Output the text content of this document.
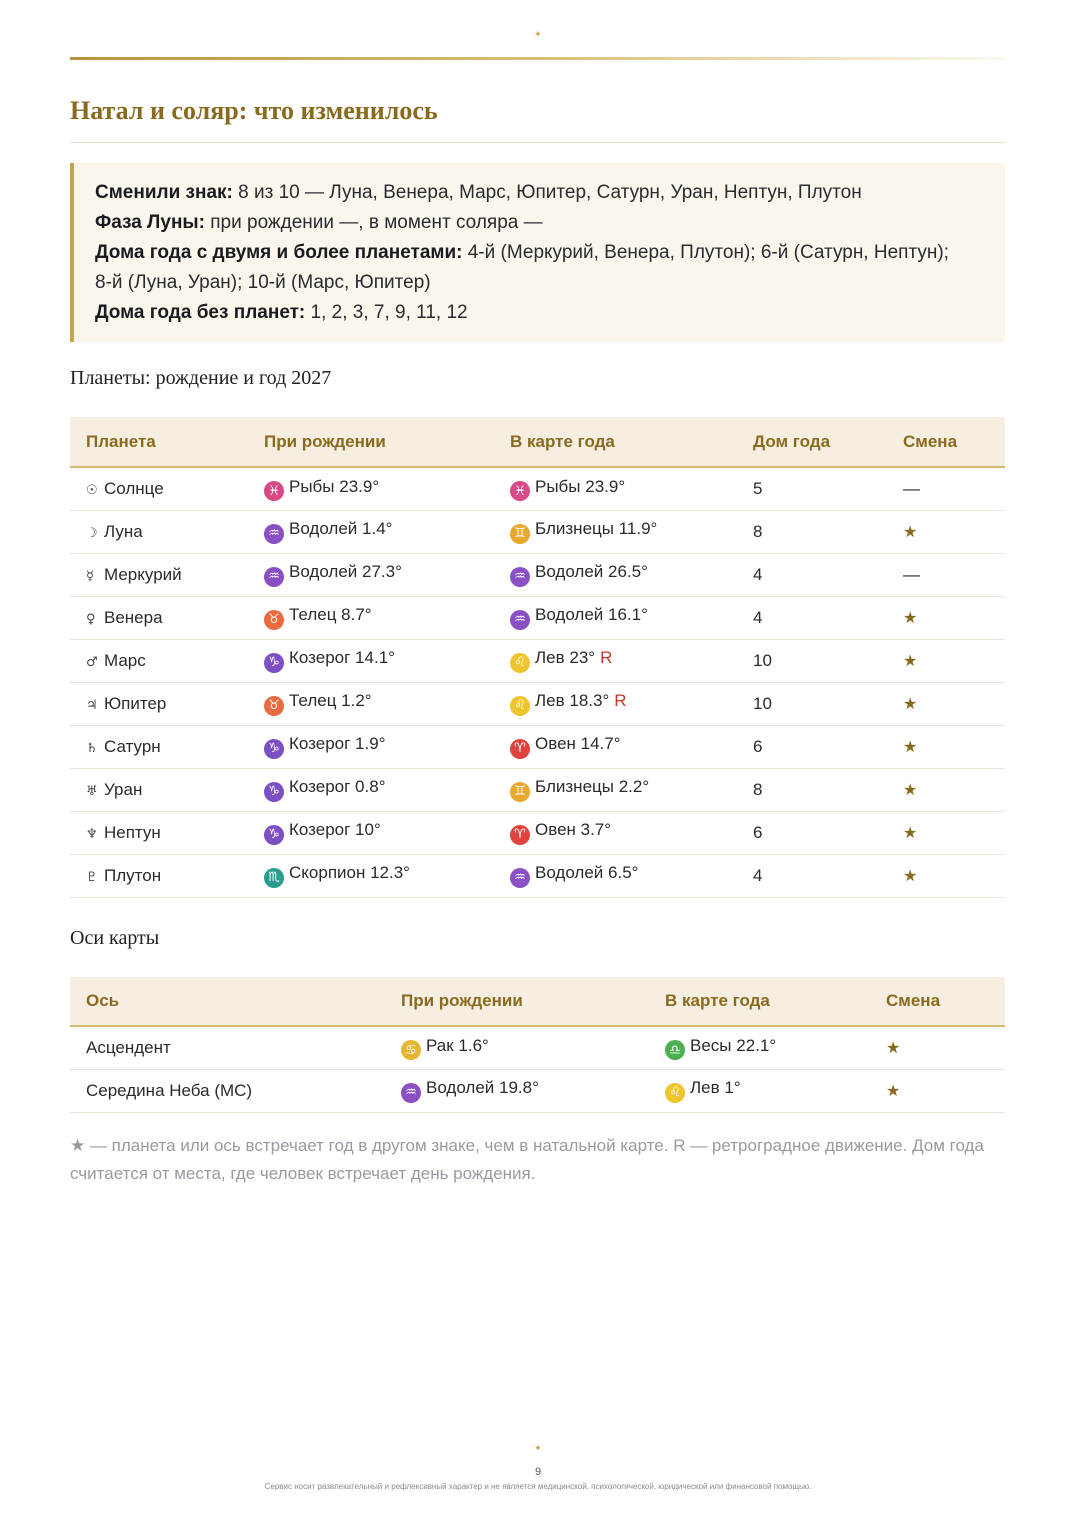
✦
Натал и соляр: что изменилось
Сменили знак: 8 из 10 — Луна, Венера, Марс, Юпитер, Сатурн, Уран, Нептун, Плутон
Фаза Луны: при рождении —, в момент соляра —
Дома года с двумя и более планетами: 4-й (Меркурий, Венера, Плутон); 6-й (Сатурн, Нептун);
8-й (Луна, Уран); 10-й (Марс, Юпитер)
Дома года без планет: 1, 2, 3, 7, 9, 11, 12
Планеты: рождение и год 2027
Планета	При рождении	В карте года	Дом года	Смена
☉ Солнце	♓ Рыбы 23.9°	♓ Рыбы 23.9°	5	—
☽ Луна	♒ Водолей 1.4°	♊ Близнецы 11.9°	8	★
☿ Меркурий	♒ Водолей 27.3°	♒ Водолей 26.5°	4	—
♀ Венера	♉ Телец 8.7°	♒ Водолей 16.1°	4	★
♂ Марс	♑ Козерог 14.1°	♌ Лев 23° R	10	★
♃ Юпитер	♉ Телец 1.2°	♌ Лев 18.3° R	10	★
♄ Сатурн	♑ Козерог 1.9°	♈ Овен 14.7°	6	★
♅ Уран	♑ Козерог 0.8°	♊ Близнецы 2.2°	8	★
♆ Нептун	♑ Козерог 10°	♈ Овен 3.7°	6	★
♇ Плутон	♏ Скорпион 12.3°	♒ Водолей 6.5°	4	★
Оси карты
Ось	При рождении	В карте года	Смена
Асцендент	♋ Рак 1.6°	♎ Весы 22.1°	★
Середина Неба (MC)	♒ Водолей 19.8°	♌ Лев 1°	★

★ — планета или ось встречает год в другом знаке, чем в натальной карте. R — ретроградное движение. Дом года считается от места, где человек встречает день рождения.

✦
9
Сервис носит развлекательный и рефлексивный характер и не является медицинской, психологической, юридической или финансовой помощью.
